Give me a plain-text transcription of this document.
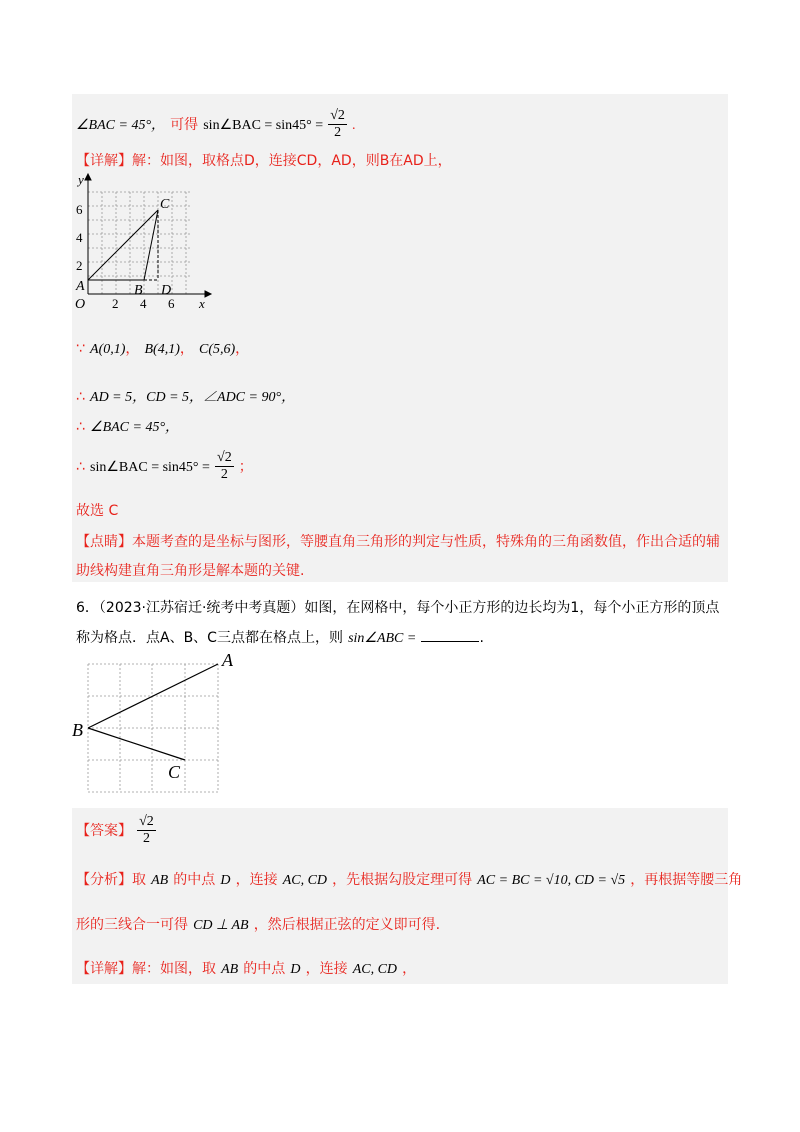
∠BAC = 45°， 可得 sin∠BAC = $\sin 45^\circ = \frac{√2}{2}$ .
【详解】解：如图，取格点D，连接CD，AD，则B在AD上，
y
x
6
4
2
O 2 4 6
A	B
C
D
∵ A(0,1)， B(4,1)， C(5,6)，
∴ AD = 5，CD = 5，∠ADC = 90°，
∴ ∠BAC = 45°，
∴ sin∠BAC = $\sin 45^\circ = \frac{√2}{2}$ ；
故选 C
【点睛】本题考查的是坐标与图形，等腰直角三角形的判定与性质，特殊角的三角函数值，作出合适的辅
助线构建直角三角形是解本题的关键.
6．（2023·江苏宿迁·统考中考真题）如图，在网格中，每个小正方形的边长均为1，每个小正方形的顶点
称为格点．点A、B、C三点都在格点上，则 sin∠ABC =	.
A
B
C
【答案】 $\frac{√2}{2}$
【分析】取 AB 的中点 D ，连接 AC, CD ，先根据勾股定理可得 AC = BC = √10, CD = √5 ，再根据等腰三角
形的三线合一可得 CD ⊥ AB ，然后根据正弦的定义即可得.
【详解】解：如图，取 AB 的中点 D ，连接 AC, CD ，
